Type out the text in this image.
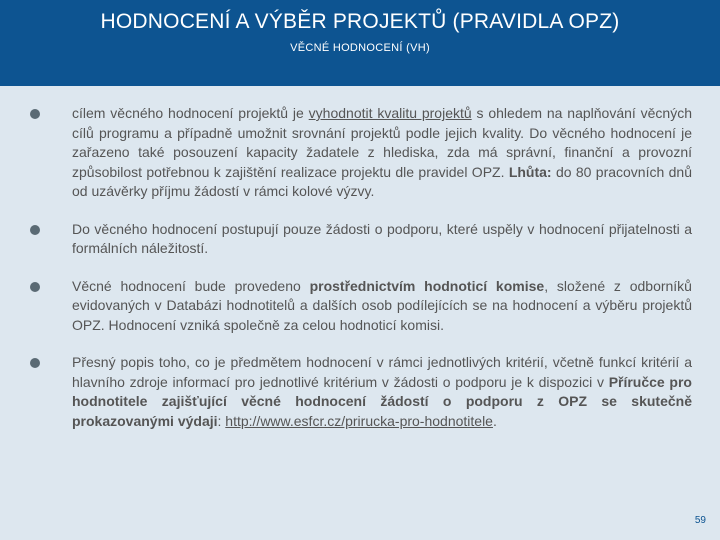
HODNOCENÍ A VÝBĚR PROJEKTŮ (PRAVIDLA OPZ)
VĚCNÉ HODNOCENÍ (VH)

cílem věcného hodnocení projektů je vyhodnotit kvalitu projektů s ohledem na naplňování věcných cílů programu a případně umožnit srovnání projektů podle jejich kvality. Do věcného hodnocení je zařazeno také posouzení kapacity žadatele z hlediska, zda má správní, finanční a provozní způsobilost potřebnou k zajištění realizace projektu dle pravidel OPZ. Lhůta: do 80 pracovních dnů od uzávěrky příjmu žádostí v rámci kolové výzvy.

Do věcného hodnocení postupují pouze žádosti o podporu, které uspěly v hodnocení přijatelnosti a formálních náležitostí.

Věcné hodnocení bude provedeno prostřednictvím hodnoticí komise, složené z odborníků evidovaných v Databázi hodnotitelů a dalších osob podílejících se na hodnocení a výběru projektů OPZ. Hodnocení vzniká společně za celou hodnoticí komisi.

Přesný popis toho, co je předmětem hodnocení v rámci jednotlivých kritérií, včetně funkcí kritérií a hlavního zdroje informací pro jednotlivé kritérium v žádosti o podporu je k dispozici v Příručce pro hodnotitele zajišťující věcné hodnocení žádostí o podporu z OPZ se skutečně prokazovanými výdaji: http://www.esfcr.cz/prirucka-pro-hodnotitele.

59
